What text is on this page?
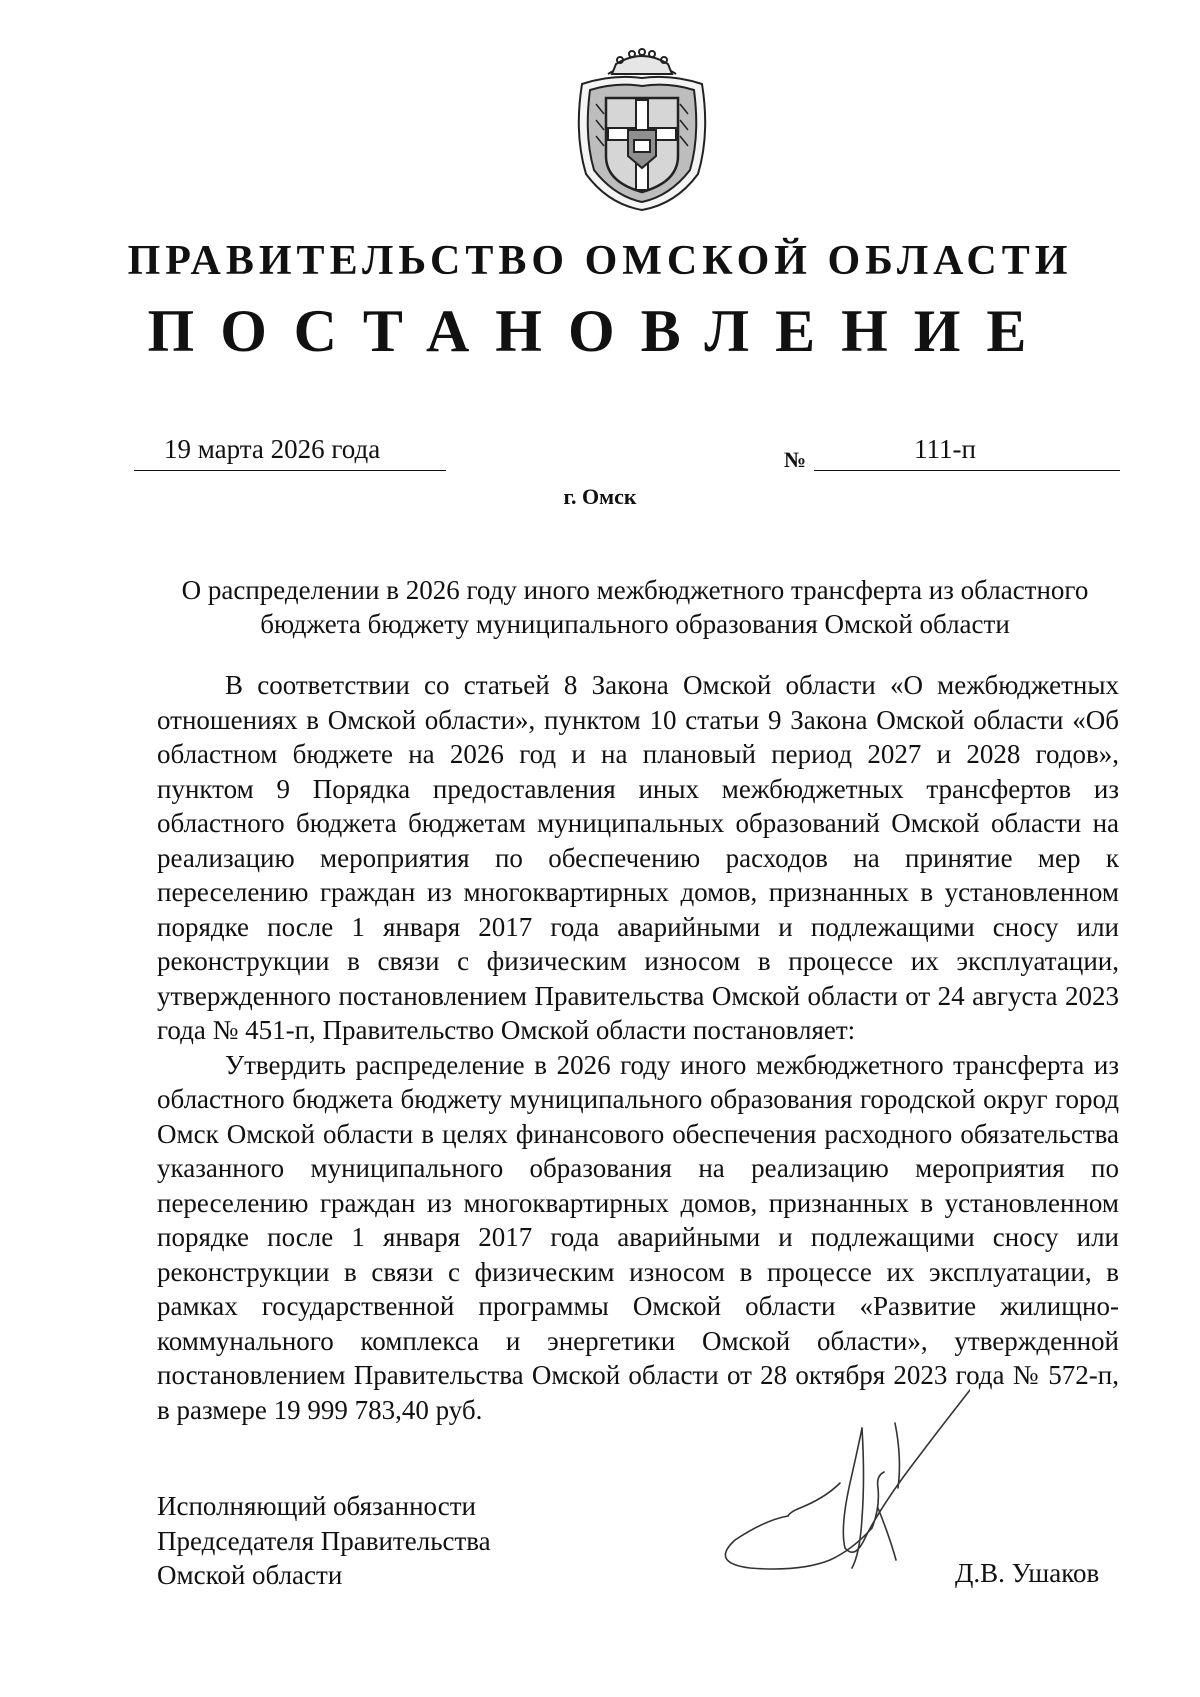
ПРАВИТЕЛЬСТВО ОМСКОЙ ОБЛАСТИ
ПОСТАНОВЛЕНИЕ
19 марта 2026 года	№	111-п
г. Омск

О распределении в 2026 году иного межбюджетного трансферта из областного бюджета бюджету муниципального образования Омской области

В соответствии со статьей 8 Закона Омской области «О межбюджетных отношениях в Омской области», пунктом 10 статьи 9 Закона Омской области «Об областном бюджете на 2026 год и на плановый период 2027 и 2028 годов», пунктом 9 Порядка предоставления иных межбюджетных трансфертов из областного бюджета бюджетам муниципальных образований Омской области на реализацию мероприятия по обеспечению расходов на принятие мер к переселению граждан из многоквартирных домов, признанных в установленном порядке после 1 января 2017 года аварийными и подлежащими сносу или реконструкции в связи с физическим износом в процессе их эксплуатации, утвержденного постановлением Правительства Омской области от 24 августа 2023 года № 451-п, Правительство Омской области постановляет:

Утвердить распределение в 2026 году иного межбюджетного трансферта из областного бюджета бюджету муниципального образования городской округ город Омск Омской области в целях финансового обеспечения расходного обязательства указанного муниципального образования на реализацию мероприятия по переселению граждан из многоквартирных домов, признанных в установленном порядке после 1 января 2017 года аварийными и подлежащими сносу или реконструкции в связи с физическим износом в процессе их эксплуатации, в рамках государственной программы Омской области «Развитие жилищно-коммунального комплекса и энергетики Омской области», утвержденной постановлением Правительства Омской области от 28 октября 2023 года № 572-п, в размере 19 999 783,40 руб.

Исполняющий обязанности
Председателя Правительства
Омской области	Д.В. Ушаков
